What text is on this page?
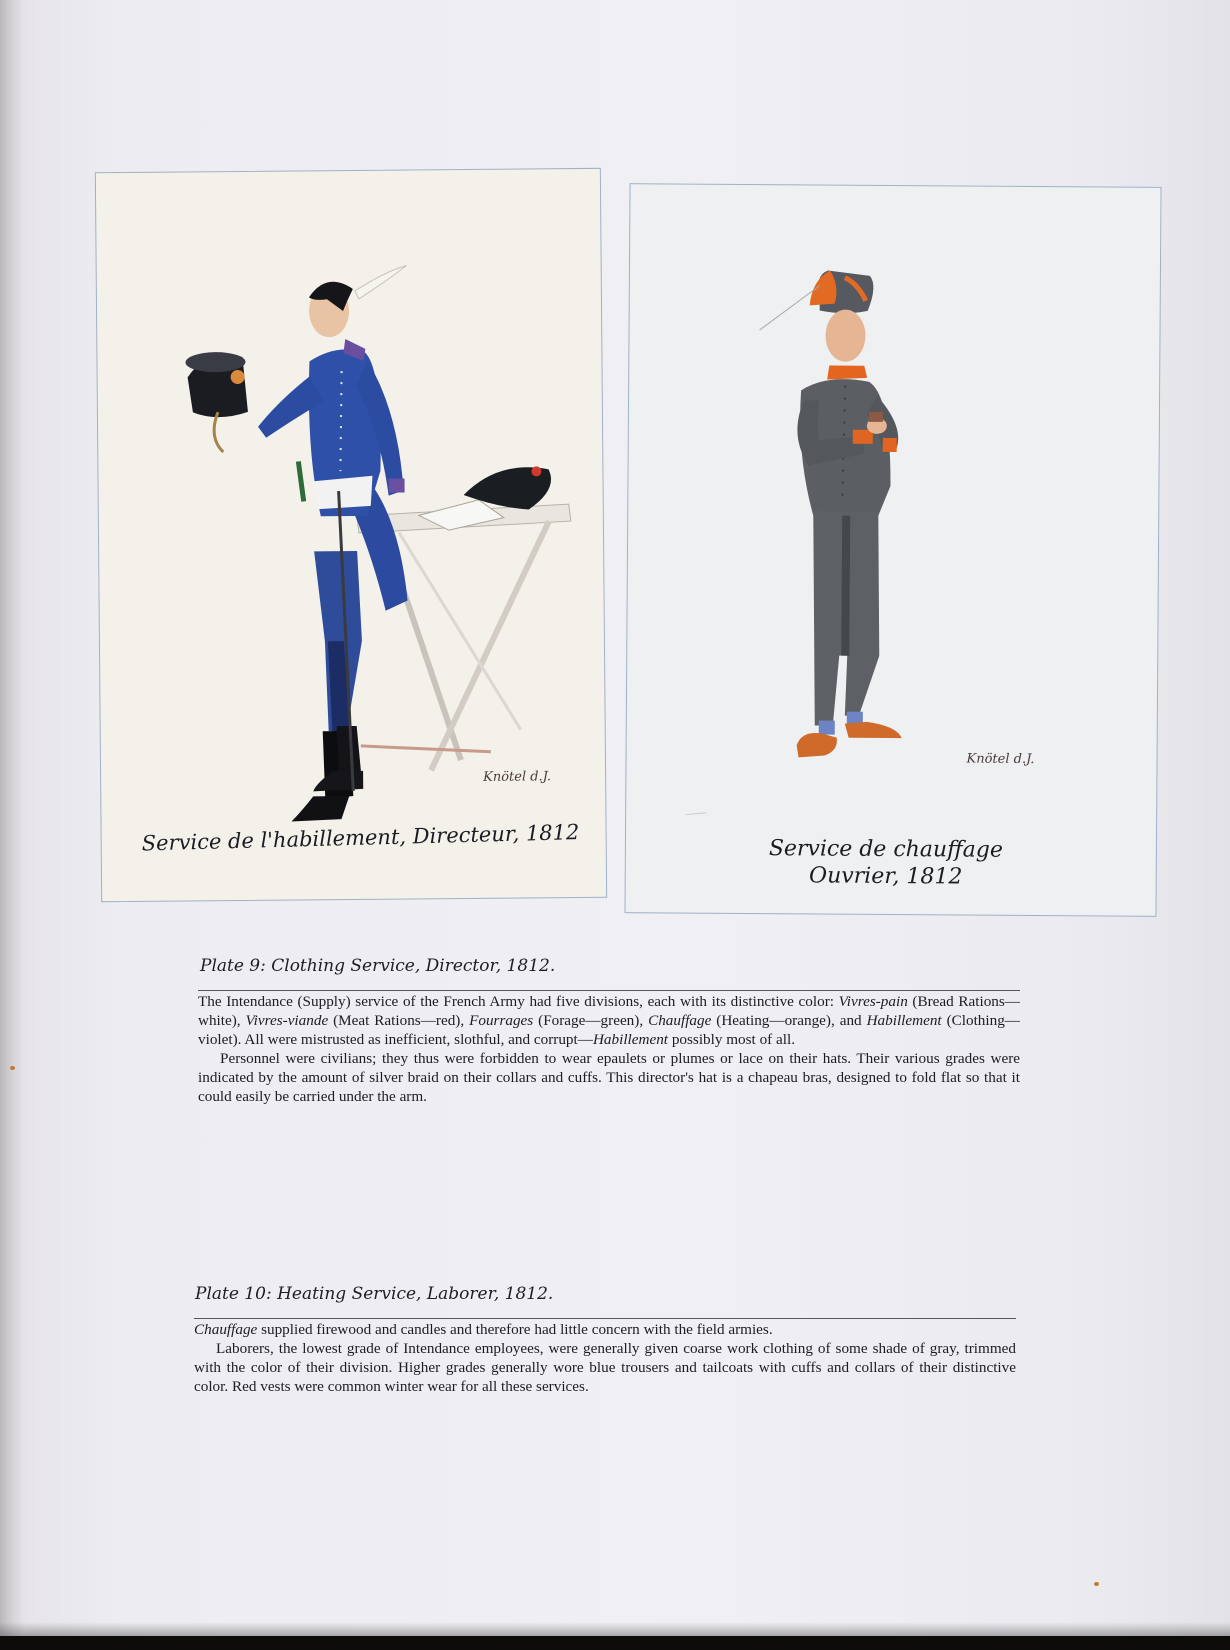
Knötel d.J.
Service de l'habillement, Directeur, 1812
Knötel d.J.
Service de chauffage
Ouvrier, 1812
Plate 9: Clothing Service, Director, 1812.

The Intendance (Supply) service of the French Army had five divisions, each with its distinctive color: Vivres-pain (Bread Rations—white), Vivres-viande (Meat Rations—red), Fourrages (Forage—green), Chauffage (Heating—orange), and Habillement (Clothing—violet). All were mistrusted as inefficient, slothful, and corrupt—Habillement possibly most of all.

Personnel were civilians; they thus were forbidden to wear epaulets or plumes or lace on their hats. Their various grades were indicated by the amount of silver braid on their collars and cuffs. This director's hat is a chapeau bras, designed to fold flat so that it could easily be carried under the arm.

Plate 10: Heating Service, Laborer, 1812.

Chauffage supplied firewood and candles and therefore had little concern with the field armies.

Laborers, the lowest grade of Intendance employees, were generally given coarse work clothing of some shade of gray, trimmed with the color of their division. Higher grades generally wore blue trousers and tailcoats with cuffs and collars of their distinctive color. Red vests were common winter wear for all these services.
